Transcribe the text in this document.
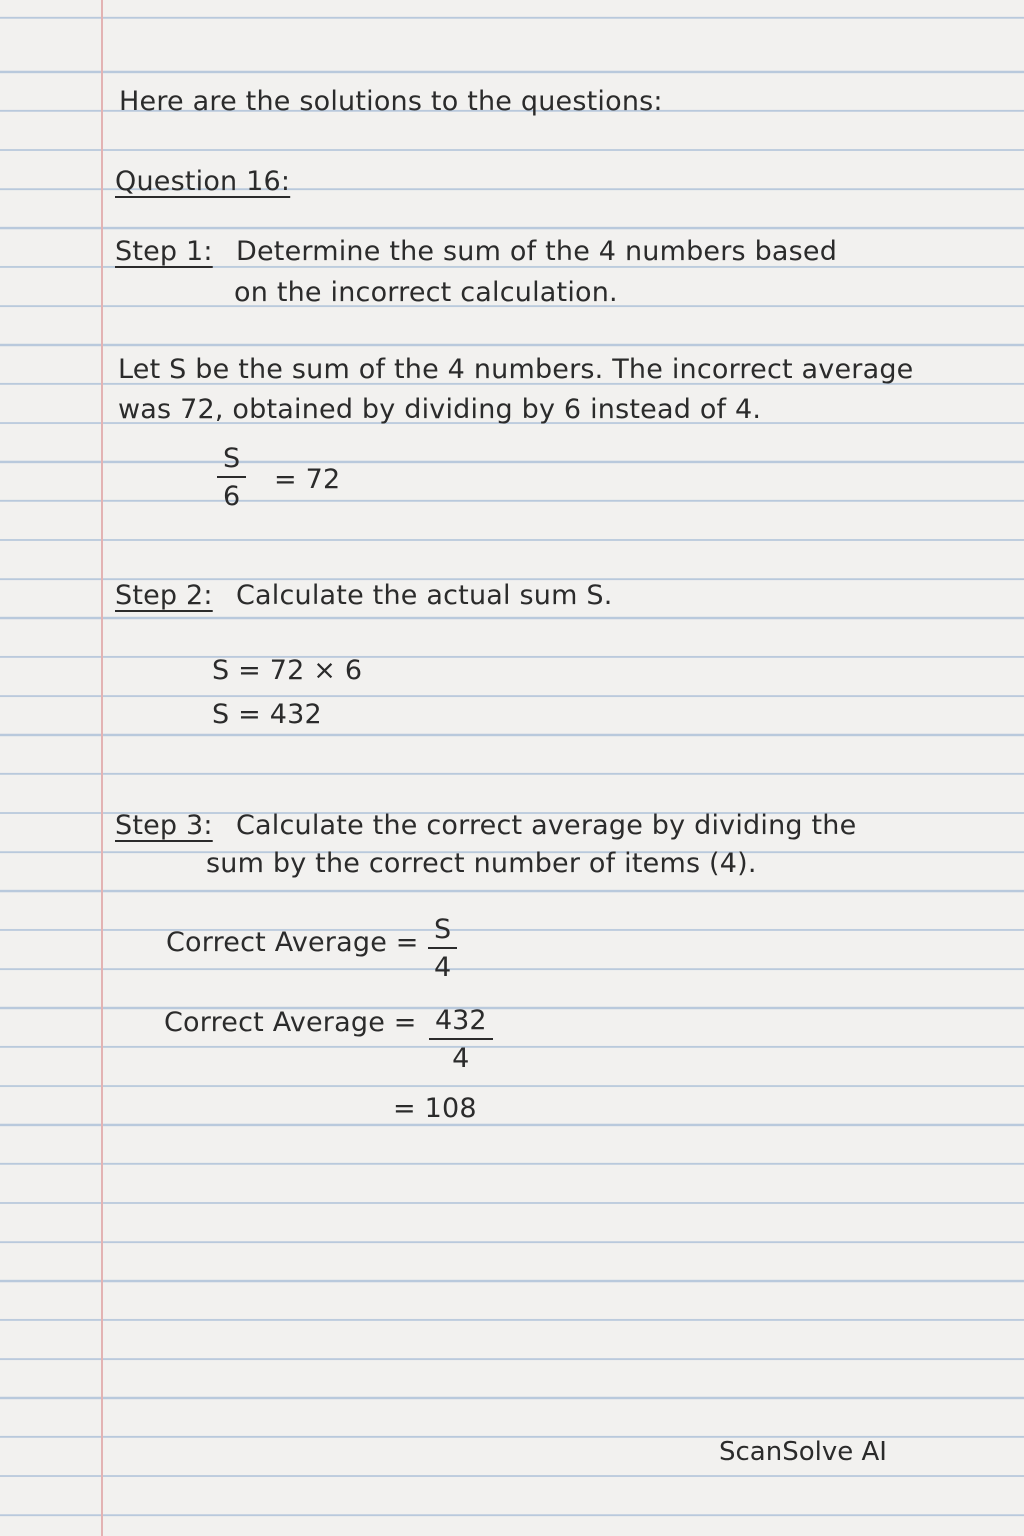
Here are the solutions to the questions:
Question 16:
Step 1: Determine the sum of the 4 numbers based
on the incorrect calculation.
Let S be the sum of the 4 numbers. The incorrect average
was 72, obtained by dividing by 6 instead of 4.
S
6
= 72
Step 2: Calculate the actual sum S.
S = 72 × 6
S = 432
Step 3: Calculate the correct average by dividing the
sum by the correct number of items (4).
Correct Average = S
4
Correct Average = 432
4
= 108
ScanSolve AI
